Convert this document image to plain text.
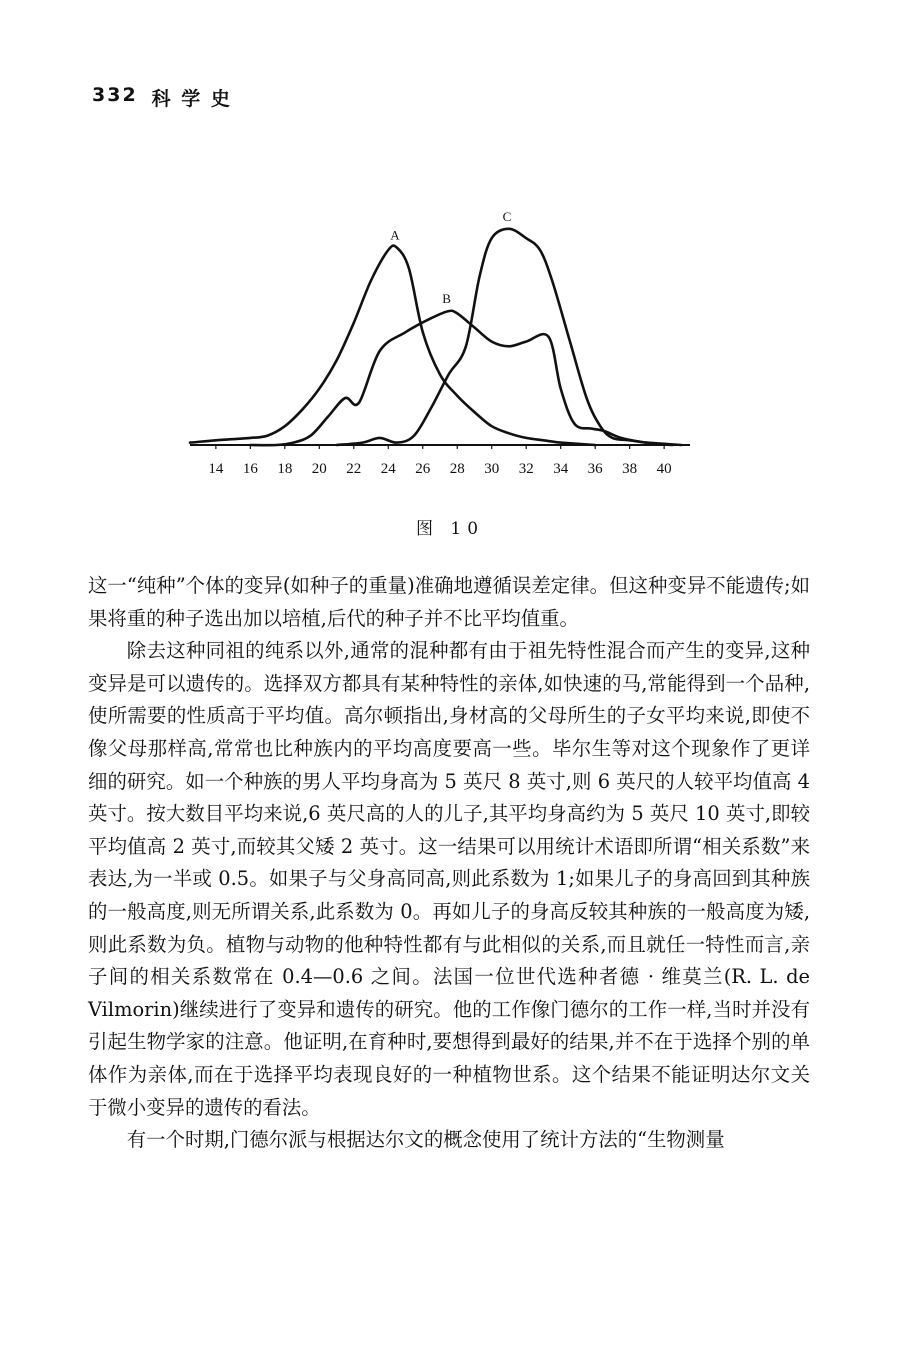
332 科 学 史
14 16 18 20 22 24 26 28 30 32 34 36 38 40
A
B
C
图 10

这一“纯种”个体的变异(如种子的重量)准确地遵循误差定律。但这种变异不能遗传;如果将重的种子选出加以培植,后代的种子并不比平均值重。

除去这种同祖的纯系以外,通常的混种都有由于祖先特性混合而产生的变异,这种变异是可以遗传的。选择双方都具有某种特性的亲体,如快速的马,常能得到一个品种,使所需要的性质高于平均值。高尔顿指出,身材高的父母所生的子女平均来说,即使不像父母那样高,常常也比种族内的平均高度要高一些。毕尔生等对这个现象作了更详细的研究。如一个种族的男人平均身高为 5 英尺 8 英寸,则 6 英尺的人较平均值高 4 英寸。按大数目平均来说,6 英尺高的人的儿子,其平均身高约为 5 英尺 10 英寸,即较平均值高 2 英寸,而较其父矮 2 英寸。这一结果可以用统计术语即所谓“相关系数”来表达,为一半或 0.5。如果子与父身高同高,则此系数为 1;如果儿子的身高回到其种族的一般高度,则无所谓关系,此系数为 0。再如儿子的身高反较其种族的一般高度为矮,则此系数为负。植物与动物的他种特性都有与此相似的关系,而且就任一特性而言,亲子间的相关系数常在 0.4—0.6 之间。法国一位世代选种者德 · 维莫兰(R. L. de Vilmorin)继续进行了变异和遗传的研究。他的工作像门德尔的工作一样,当时并没有引起生物学家的注意。他证明,在育种时,要想得到最好的结果,并不在于选择个别的单体作为亲体,而在于选择平均表现良好的一种植物世系。这个结果不能证明达尔文关于微小变异的遗传的看法。

有一个时期,门德尔派与根据达尔文的概念使用了统计方法的“生物测量
